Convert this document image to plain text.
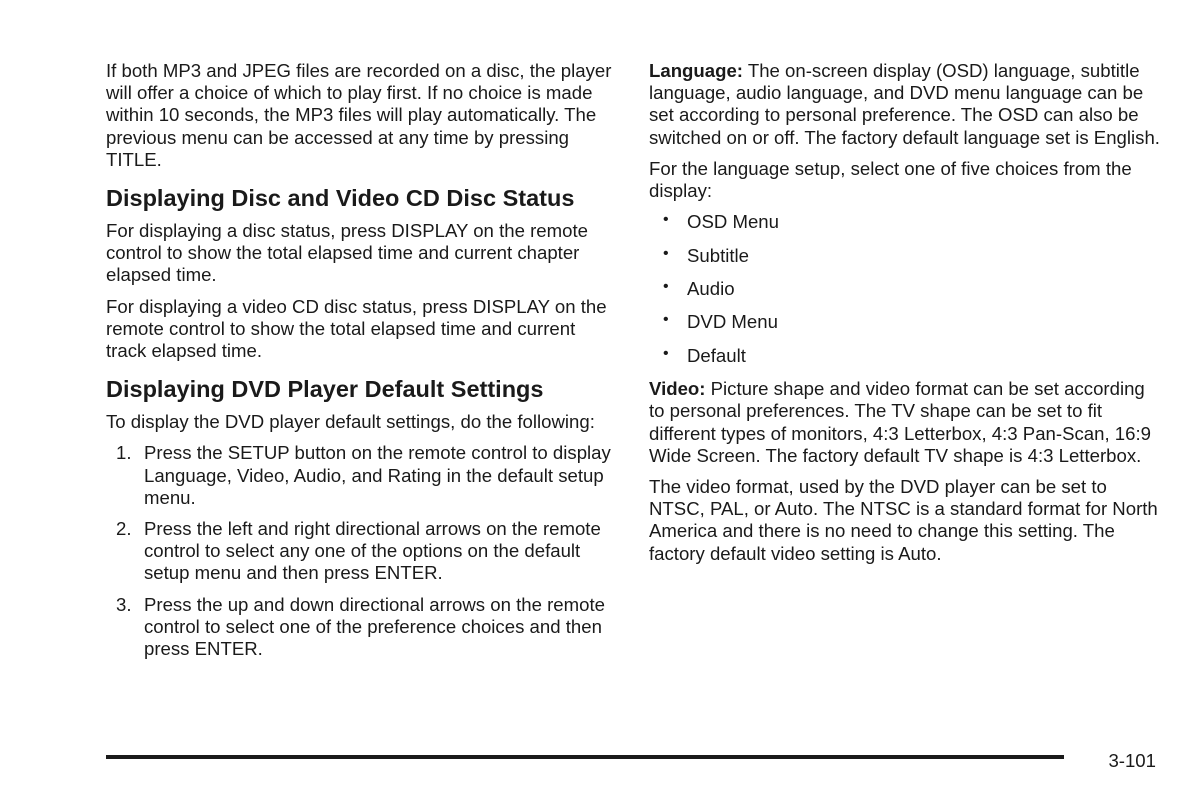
If both MP3 and JPEG files are recorded on a disc, the player will offer a choice of which to play first. If no choice is made within 10 seconds, the MP3 files will play automatically. The previous menu can be accessed at any time by pressing TITLE.

Displaying Disc and Video CD Disc Status

For displaying a disc status, press DISPLAY on the remote control to show the total elapsed time and current chapter elapsed time.

For displaying a video CD disc status, press DISPLAY on the remote control to show the total elapsed time and current track elapsed time.

Displaying DVD Player Default Settings

To display the DVD player default settings, do the following:

1. Press the SETUP button on the remote control to display Language, Video, Audio, and Rating in the default setup menu.
2. Press the left and right directional arrows on the remote control to select any one of the options on the default setup menu and then press ENTER.
3. Press the up and down directional arrows on the remote control to select one of the preference choices and then press ENTER.

Language: The on-screen display (OSD) language, subtitle language, audio language, and DVD menu language can be set according to personal preference. The OSD can also be switched on or off. The factory default language set is English.

For the language setup, select one of five choices from the display:

• OSD Menu
• Subtitle
• Audio
• DVD Menu
• Default

Video: Picture shape and video format can be set according to personal preferences. The TV shape can be set to fit different types of monitors, 4:3 Letterbox, 4:3 Pan-Scan, 16:9 Wide Screen. The factory default TV shape is 4:3 Letterbox.

The video format, used by the DVD player can be set to NTSC, PAL, or Auto. The NTSC is a standard format for North America and there is no need to change this setting. The factory default video setting is Auto.

3-101
